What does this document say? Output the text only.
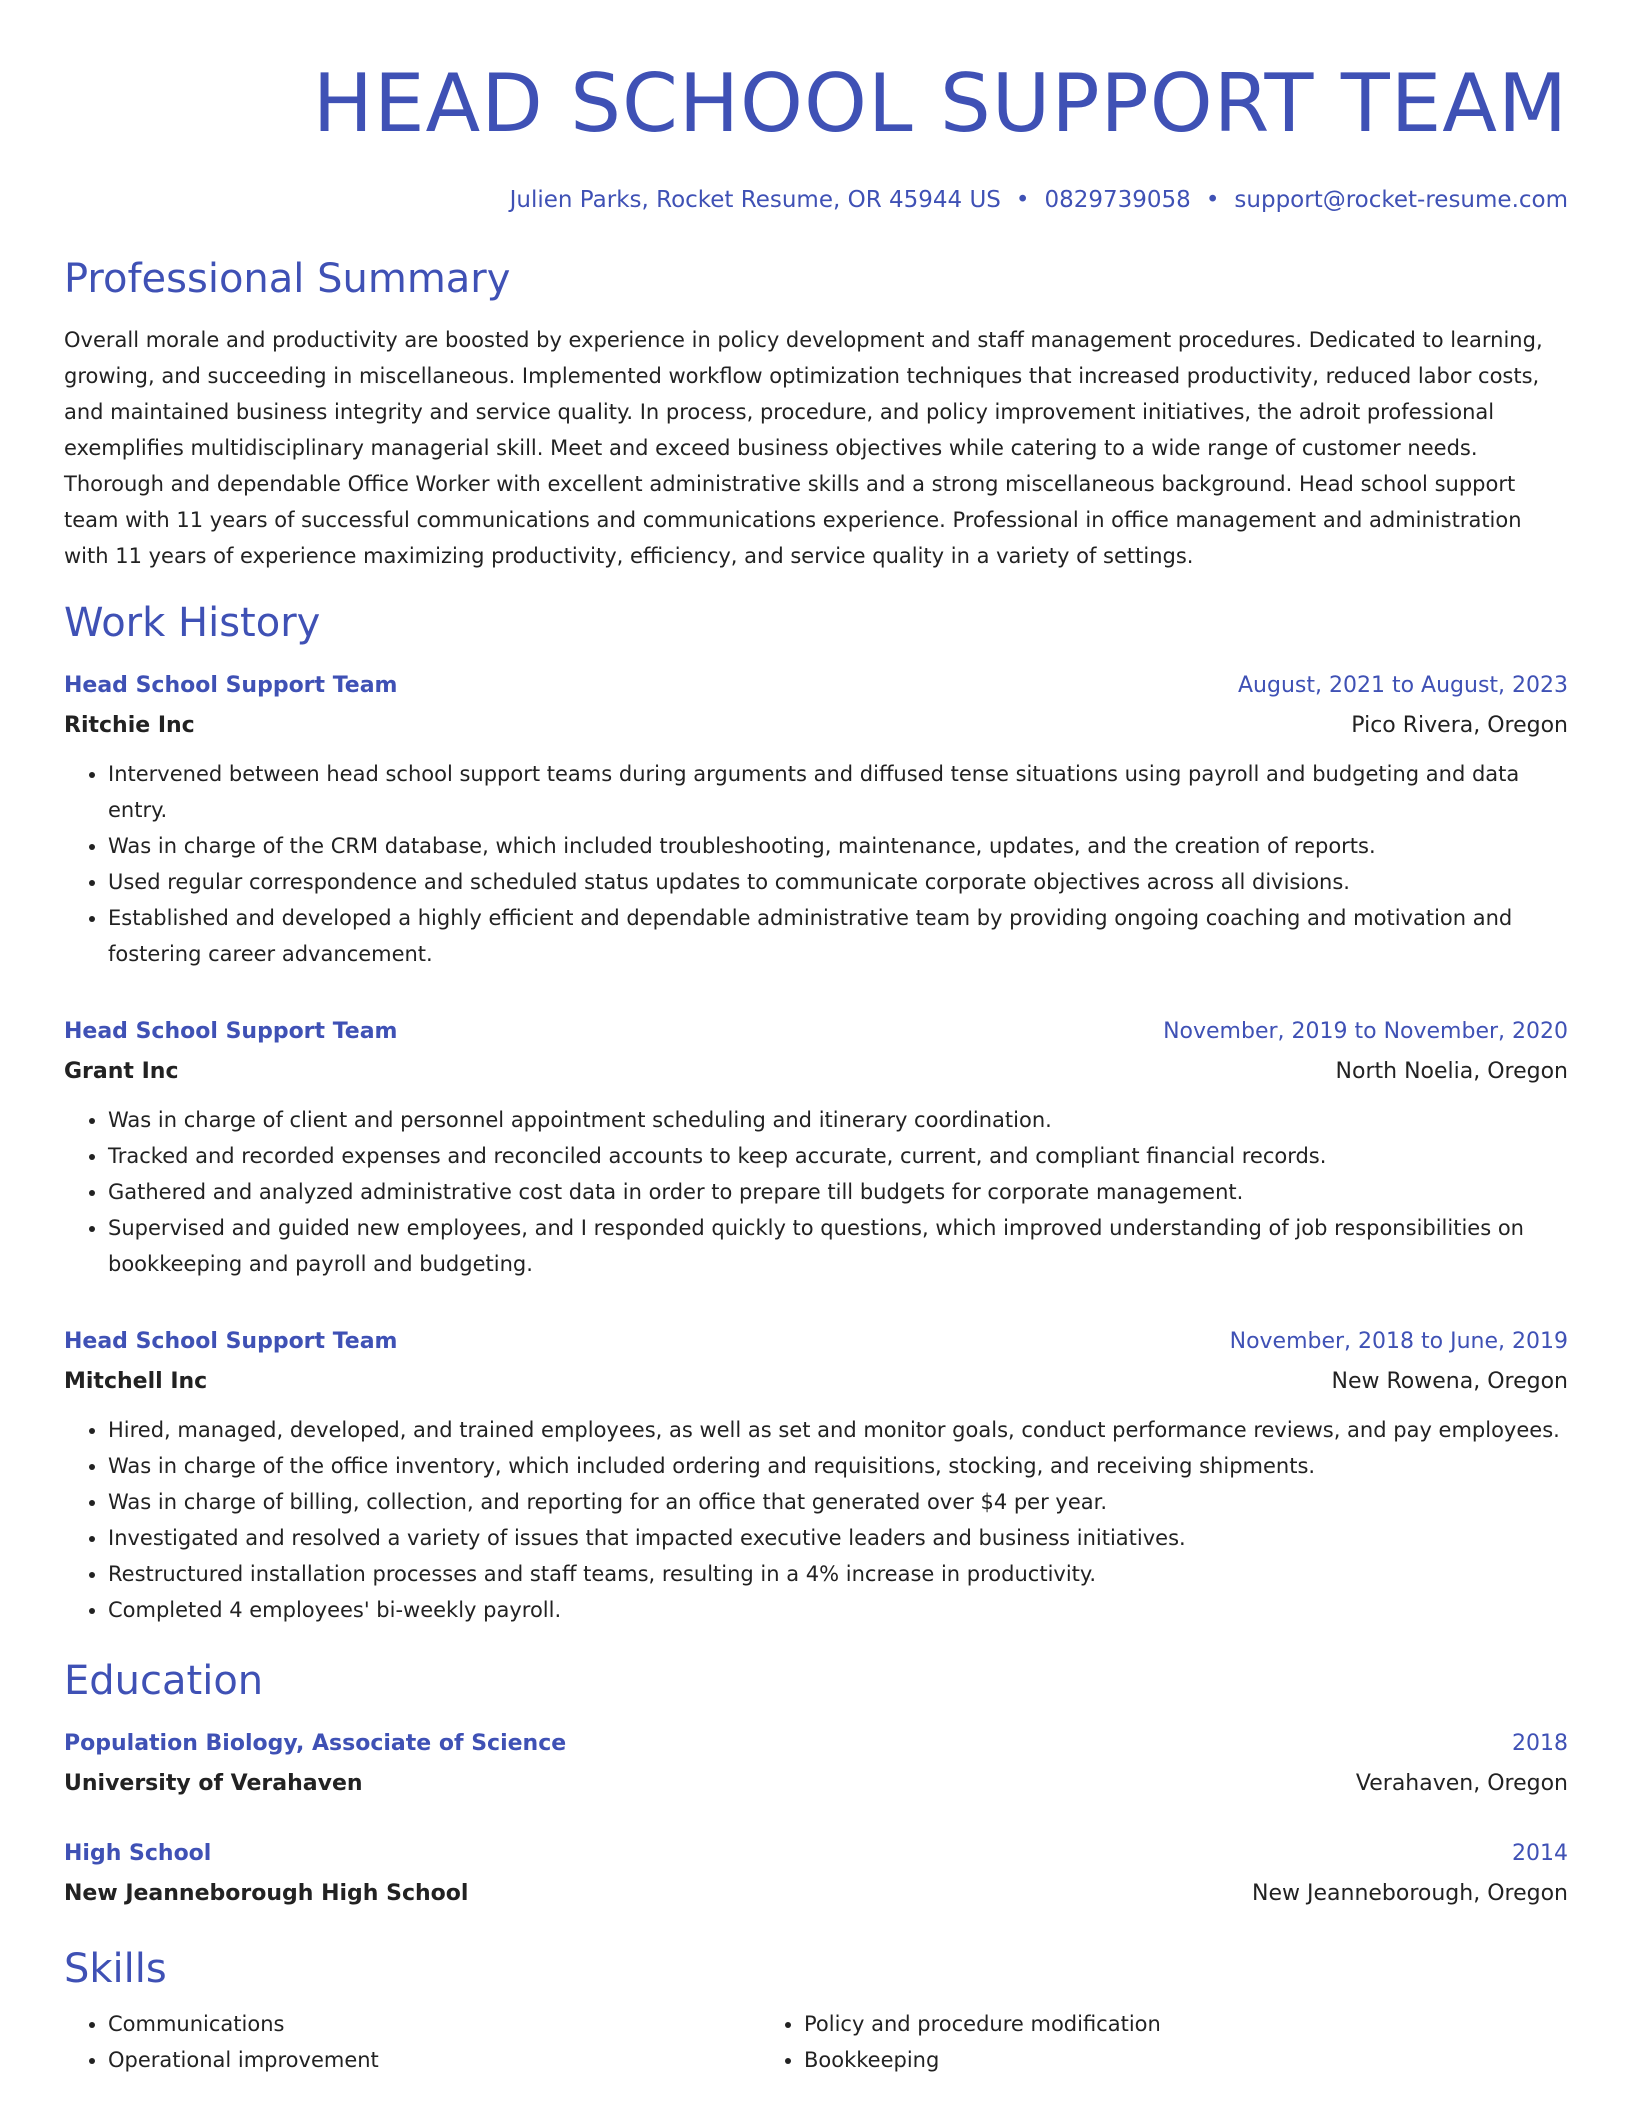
HEAD SCHOOL SUPPORT TEAM
Julien Parks, Rocket Resume, OR 45944 US • 0829739058 • support@rocket-resume.com
Professional Summary

Overall morale and productivity are boosted by experience in policy development and staff management procedures. Dedicated to learning, growing, and succeeding in miscellaneous. Implemented workflow optimization techniques that increased productivity, reduced labor costs, and maintained business integrity and service quality. In process, procedure, and policy improvement initiatives, the adroit professional exemplifies multidisciplinary managerial skill. Meet and exceed business objectives while catering to a wide range of customer needs. Thorough and dependable Office Worker with excellent administrative skills and a strong miscellaneous background. Head school support team with 11 years of successful communications and communications experience. Professional in office management and administration with 11 years of experience maximizing productivity, efficiency, and service quality in a variety of settings.

Work History
Head School Support Team	August, 2021 to August, 2023
Ritchie Inc	Pico Rivera, Oregon
• Intervened between head school support teams during arguments and diffused tense situations using payroll and budgeting and data entry.
• Was in charge of the CRM database, which included troubleshooting, maintenance, updates, and the creation of reports.
• Used regular correspondence and scheduled status updates to communicate corporate objectives across all divisions.
• Established and developed a highly efficient and dependable administrative team by providing ongoing coaching and motivation and fostering career advancement.
Head School Support Team	November, 2019 to November, 2020
Grant Inc	North Noelia, Oregon
• Was in charge of client and personnel appointment scheduling and itinerary coordination.
• Tracked and recorded expenses and reconciled accounts to keep accurate, current, and compliant financial records.
• Gathered and analyzed administrative cost data in order to prepare till budgets for corporate management.
• Supervised and guided new employees, and I responded quickly to questions, which improved understanding of job responsibilities on bookkeeping and payroll and budgeting.
Head School Support Team	November, 2018 to June, 2019
Mitchell Inc	New Rowena, Oregon
• Hired, managed, developed, and trained employees, as well as set and monitor goals, conduct performance reviews, and pay employees.
• Was in charge of the office inventory, which included ordering and requisitions, stocking, and receiving shipments.
• Was in charge of billing, collection, and reporting for an office that generated over $4 per year.
• Investigated and resolved a variety of issues that impacted executive leaders and business initiatives.
• Restructured installation processes and staff teams, resulting in a 4% increase in productivity.
• Completed 4 employees' bi-weekly payroll.
Education
Population Biology, Associate of Science	2018
University of Verahaven	Verahaven, Oregon
High School	2014
New Jeanneborough High School	New Jeanneborough, Oregon
Skills
• Communications
• Operational improvement
• Policy and procedure modification
• Bookkeeping
